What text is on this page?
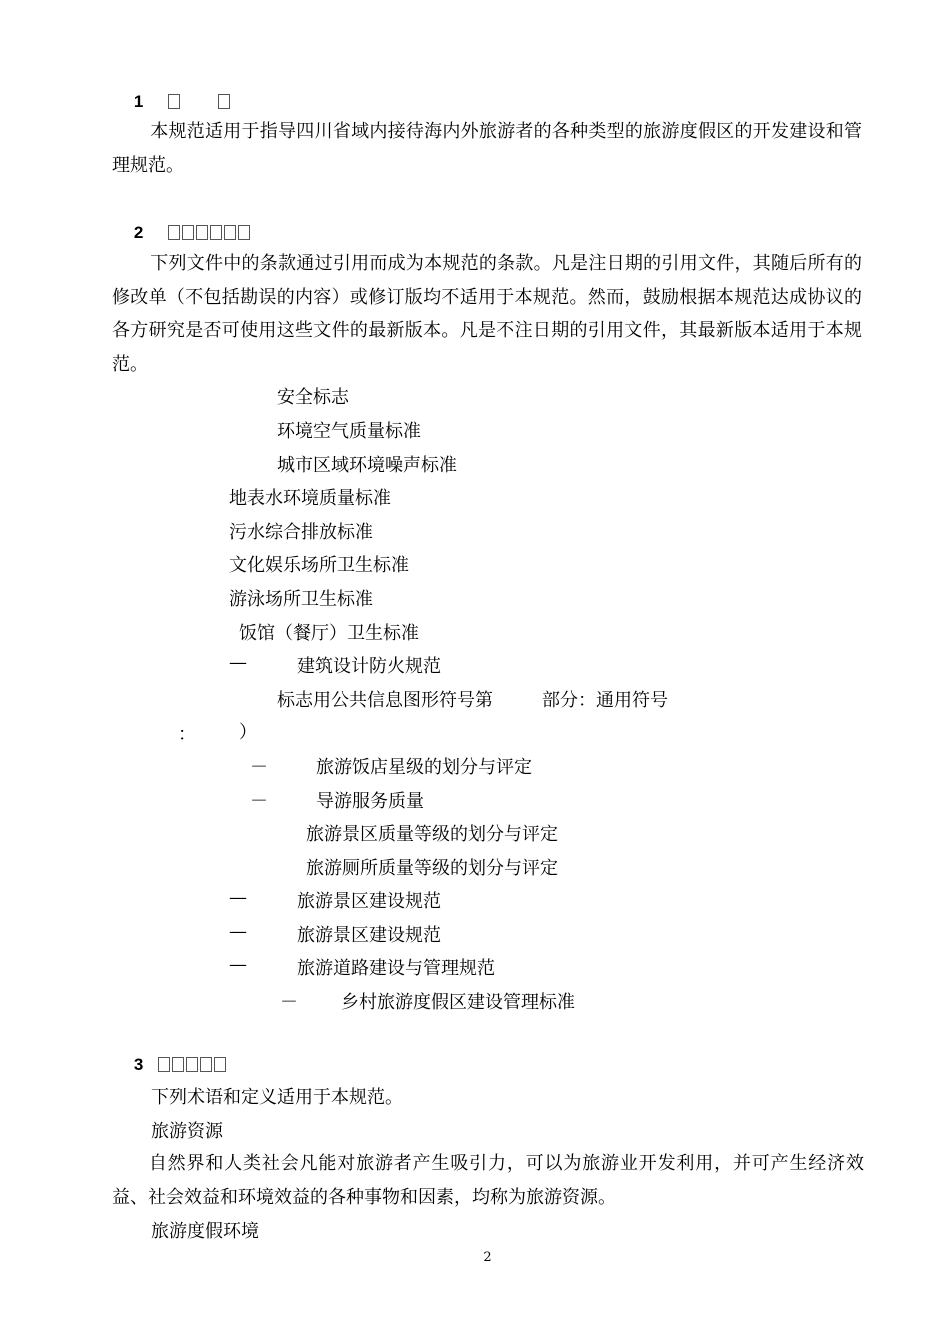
1

本规范适用于指导四川省域内接待海内外旅游者的各种类型的旅游度假区的开发建设和管理规范。

2

下列文件中的条款通过引用而成为本规范的条款。凡是注日期的引用文件，其随后所有的修改单（不包括勘误的内容）或修订版均不适用于本规范。然而，鼓励根据本规范达成协议的各方研究是否可使用这些文件的最新版本。凡是不注日期的引用文件，其最新版本适用于本规范。
安全标志
环境空气质量标准
城市区域环境噪声标准
地表水环境质量标准
污水综合排放标准
文化娱乐场所卫生标准
游泳场所卫生标准
饭馆（餐厅）卫生标准
—	建筑设计防火规范
标志用公共信息图形符号第	部分：通用符号
： ）
－	旅游饭店星级的划分与评定
－	导游服务质量
旅游景区质量等级的划分与评定
旅游厕所质量等级的划分与评定
—	旅游景区建设规范
—	旅游景区建设规范
—	旅游道路建设与管理规范
－ 乡村旅游度假区建设管理标准

3

下列术语和定义适用于本规范。
旅游资源
自然界和人类社会凡能对旅游者产生吸引力，可以为旅游业开发利用，并可产生经济效益、社会效益和环境效益的各种事物和因素，均称为旅游资源。
旅游度假环境
2
